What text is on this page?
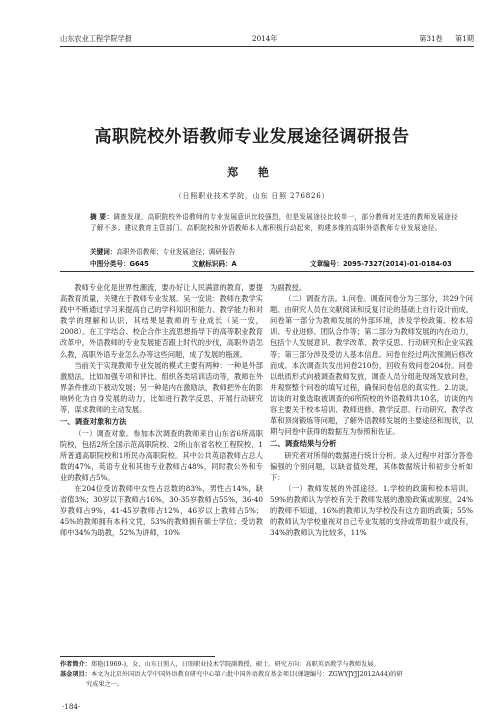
山东农业工程学院学报	2014年	第31卷 第1期
高职院校外语教师专业发展途径调研报告
郑 艳
（日照职业技术学院，山东 日照 276826）
摘 要：调查发现，高职院校外语教师的专业发展意识比较强烈，但是发展途径比较单一，部分教师对先进的教师发展途径了解不多。建议教育主管部门、高职院校和外语教师本人都积极行动起来，构建多维的高职外语教师专业发展途径。
关键词：高职外语教师；专业发展途径；调研报告
中图分类号：G645	文献标识码：A	文章编号：2095-7327(2014)-01-0184-03

教师专业化是世界性潮流，要办好让人民满意的教育，要提高教育质量，关键在于教师专业发展。吴一安说：教师在教学实践中不断通过学习来提高自己的学科知识和能力、教学能力和对教学的理解和认识，其结果是教师的专业成长（吴一安，2008）。在工学结合、校企合作主流思想指导下的高等职业教育改革中，外语教师的专业发展能否跟上时代的步伐，高职外语怎么教，高职外语专业怎么办等这些问题，成了发展的瓶颈。

当前关于实现教师专业发展的模式主要有两种：一种是外部激励法，比如加强专项和评比、组织各类培训活动等，教师在外界条件推动下被动发展；另一种是内在激励法，教师把外在的影响转化为自身发展的动力，比如进行教学反思、开展行动研究等，谋求教师的主动发展。

一、调查对象和方法

（一）调查对象。参加本次调查的教师来自山东省6所高职院校，包括2所全国示范高职院校、2所山东省名校工程院校、1所普通高职院校和1所民办高职院校。其中公共英语教师占总人数的47%，英语专业和其他专业教师占48%，同时教公外和专业的教师占5%。

在204位受访教师中女性占总数的83%，男性占14%，缺省值3%；30岁以下教师占16%，30-35岁教师占55%，36-40岁教师占9%，41-45岁教师占12%，46岁以上教师占5%；45%的教师拥有本科文凭，53%的教师拥有硕士学位；受访教师中34%为助教，52%为讲师，10%

为副教授。

（二）调查方法。1.问卷。调查问卷分为三部分，共29个问题。由研究人员在文献阅读和反复讨论的基础上自行设计而成，问卷第一部分为教师发展的外部环境，涉及学校政策、校本培训、专业进修、团队合作等；第二部分为教师发展的内在动力，包括个人发展意识、教学改革、教学反思、行动研究和企业实践等；第三部分涉及受访人基本信息。问卷在经过两次预测后修改而成。本次调查共发出问卷210份，回收有效问卷204份。问卷以纸质形式向被调查教师发放，调查人员分组赴现场发放问卷，并观察整个问卷的填写过程，确保问卷信息的真实性。2.访谈。访谈的对象选取被调查的6所院校的外语教师共10名，访谈的内容主要关于校本培训、教师进修、教学反思、行动研究、教学改革和顶岗锻炼等问题，了解外语教师发展的主要途径和现状，以期与问卷中获得的数据互为参照和佐证。

二、调查结果与分析

研究者对所得的数据进行统计分析。录入过程中对部分答卷偏强的个别问题，以缺省值处理，其体数据统计和初步分析如下：

（一）教师发展的外部途径。1.学校的政策和校本培训。59%的教师认为学校有关于教师发展的激励政策或制度，24%的教师不知道，16%的教师认为学校没有这方面的政策；55%的教师认为学校重视对自己专业发展的支持或帮助很少或没有，34%的教师认为比较多，11%

作者简介：郑艳(1969-)，女，山东日照人，日照职业技术学院副教授，硕士。研究方向：高职英语教学与教师发展。

基金项目：本文为北京外国语大学中国外语教育研究中心第六批中国外语教育基金项目(课题编号：ZGWYJYJJ2012A44)的研

究成果之一。

·184·
